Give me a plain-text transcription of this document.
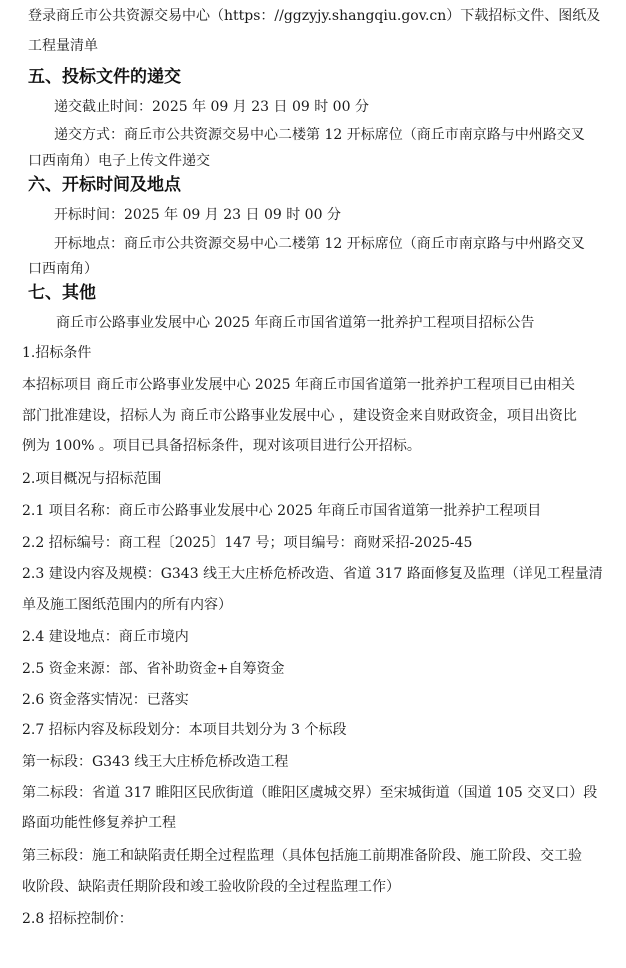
登录商丘市公共资源交易中心（https：//ggzyjy.shangqiu.gov.cn）下载招标文件、图纸及
工程量清单
五、投标文件的递交
递交截止时间：2025 年 09 月 23 日 09 时 00 分
递交方式：商丘市公共资源交易中心二楼第 12 开标席位（商丘市南京路与中州路交叉
口西南角）电子上传文件递交
六、开标时间及地点
开标时间：2025 年 09 月 23 日 09 时 00 分
开标地点：商丘市公共资源交易中心二楼第 12 开标席位（商丘市南京路与中州路交叉
口西南角）
七、其他
商丘市公路事业发展中心 2025 年商丘市国省道第一批养护工程项目招标公告
1.招标条件
本招标项目 商丘市公路事业发展中心 2025 年商丘市国省道第一批养护工程项目已由相关
部门批准建设，招标人为 商丘市公路事业发展中心 ，建设资金来自财政资金，项目出资比
例为 100% 。项目已具备招标条件，现对该项目进行公开招标。
2.项目概况与招标范围
2.1 项目名称：商丘市公路事业发展中心 2025 年商丘市国省道第一批养护工程项目
2.2 招标编号：商工程〔2025〕147 号；项目编号：商财采招-2025-45
2.3 建设内容及规模：G343 线王大庄桥危桥改造、省道 317 路面修复及监理（详见工程量清
单及施工图纸范围内的所有内容）
2.4 建设地点：商丘市境内
2.5 资金来源：部、省补助资金+自筹资金
2.6 资金落实情况：已落实
2.7 招标内容及标段划分：本项目共划分为 3 个标段
第一标段：G343 线王大庄桥危桥改造工程
第二标段：省道 317 睢阳区民欣街道（睢阳区虞城交界）至宋城街道（国道 105 交叉口）段
路面功能性修复养护工程
第三标段：施工和缺陷责任期全过程监理（具体包括施工前期准备阶段、施工阶段、交工验
收阶段、缺陷责任期阶段和竣工验收阶段的全过程监理工作）
2.8 招标控制价：
